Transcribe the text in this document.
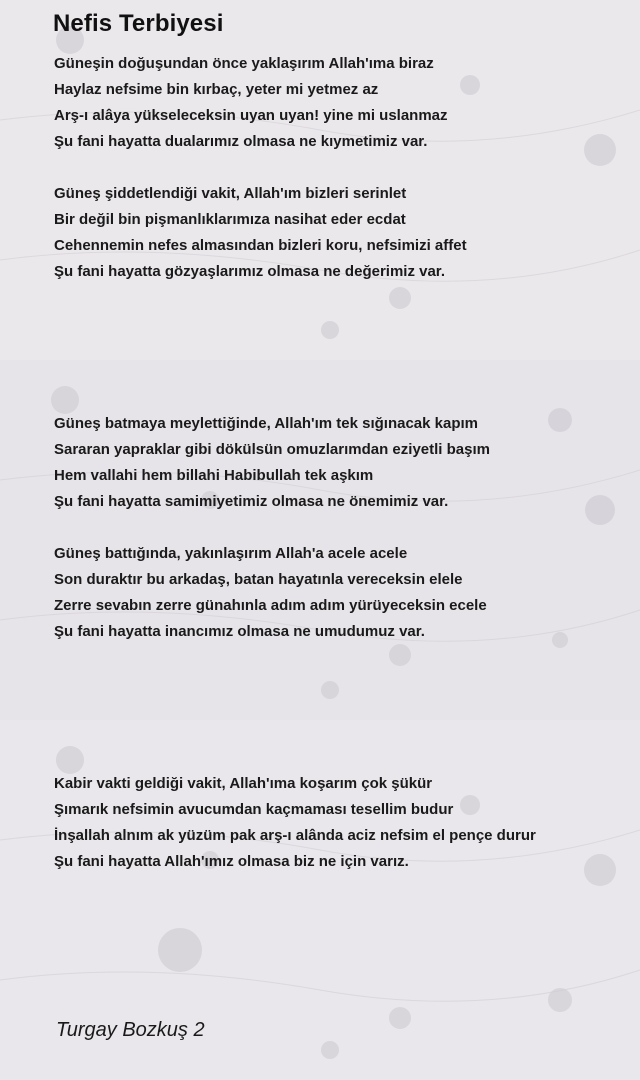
Nefis Terbiyesi
Güneşin doğuşundan önce yaklaşırım Allah'ıma biraz
Haylaz nefsime bin kırbaç, yeter mi yetmez az
Arş-ı alâya yükseleceksin uyan uyan! yine mi uslanmaz
Şu fani hayatta dualarımız olmasa ne kıymetimiz var.
Güneş şiddetlendiği vakit, Allah'ım bizleri serinlet
Bir değil bin pişmanlıklarımıza nasihat eder ecdat
Cehennemin nefes almasından bizleri koru, nefsimizi affet
Şu fani hayatta gözyaşlarımız olmasa ne değerimiz var.
Güneş batmaya meylettiğinde, Allah'ım tek sığınacak kapım
Sararan yapraklar gibi dökülsün omuzlarımdan eziyetli başım
Hem vallahi hem billahi Habibullah tek aşkım
Şu fani hayatta samimiyetimiz olmasa ne önemimiz var.
Güneş battığında, yakınlaşırım Allah'a acele acele
Son duraktır bu arkadaş, batan hayatınla vereceksin elele
Zerre sevabın zerre günahınla adım adım yürüyeceksin ecele
Şu fani hayatta inancımız olmasa ne umudumuz var.
Kabir vakti geldiği vakit, Allah'ıma koşarım çok şükür
Şımarık nefsimin avucumdan kaçmaması tesellim budur
İnşallah alnım ak yüzüm pak arş-ı alânda aciz nefsim el pençe durur
Şu fani hayatta Allah'ımız olmasa biz ne için varız.
Turgay Bozkuş 2
